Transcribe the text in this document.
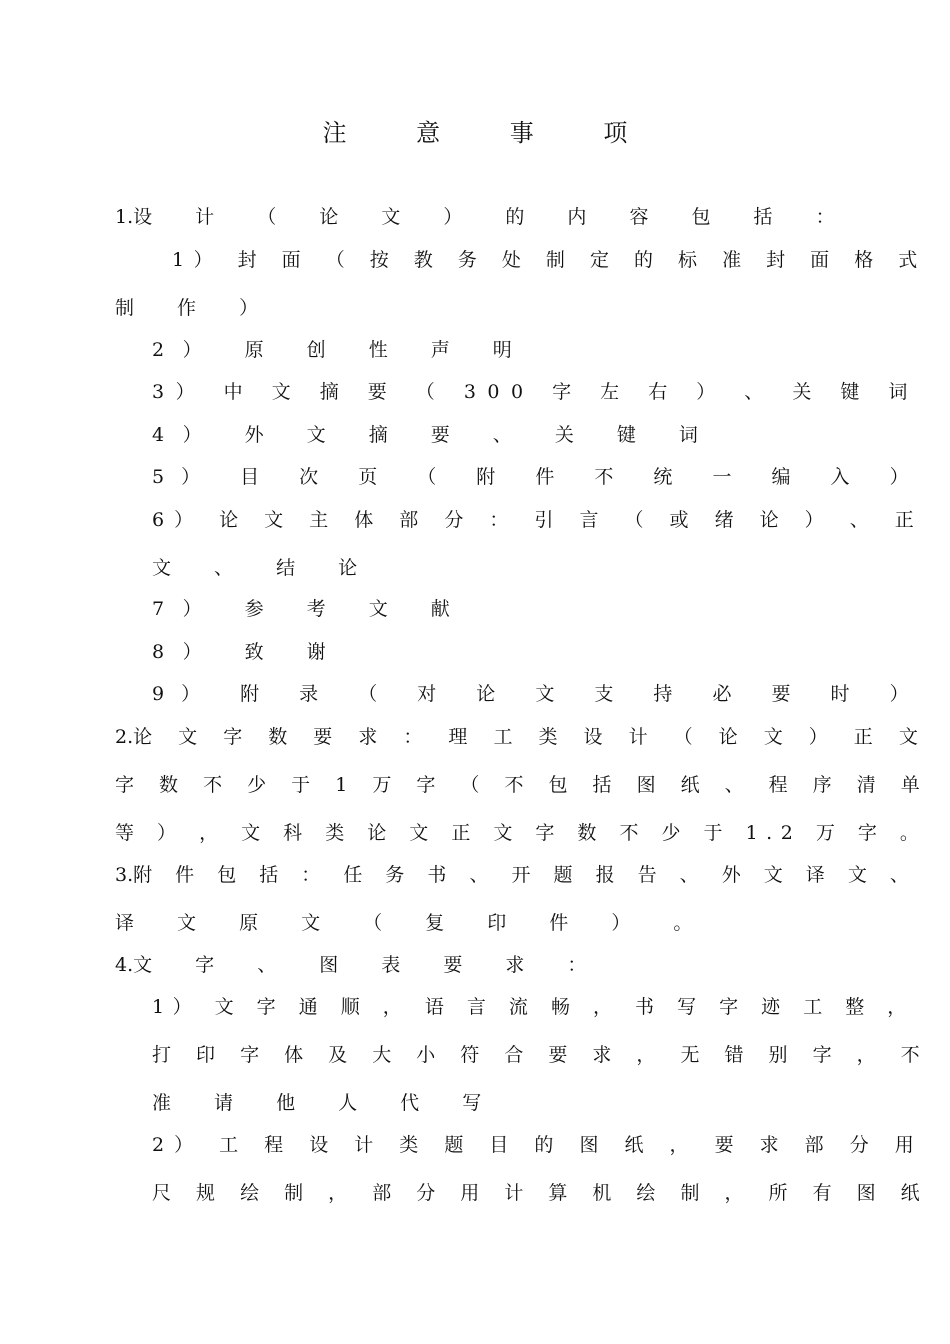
注 意 事 项
1.设 计 （ 论 文 ） 的 内 容 包 括 ：
1） 封 面 （ 按 教 务 处 制 定 的 标 准 封 面 格 式
制 作 ）
2） 原 创 性 声 明
3） 中 文 摘 要 （ 300 字 左 右 ） 、 关 键 词
4） 外 文 摘 要 、 关 键 词
5） 目 次 页 （ 附 件 不 统 一 编 入 ）
6） 论 文 主 体 部 分 ： 引 言 （ 或 绪 论 ） 、 正
文 、 结 论
7） 参 考 文 献
8） 致 谢
9） 附 录 （ 对 论 文 支 持 必 要 时 ）
2.论 文 字 数 要 求 ： 理 工 类 设 计 （ 论 文 ） 正 文
字 数 不 少 于 1 万 字 （ 不 包 括 图 纸 、 程 序 清 单
等 ） ， 文 科 类 论 文 正 文 字 数 不 少 于 1.2 万 字 。
3.附 件 包 括 ： 任 务 书 、 开 题 报 告 、 外 文 译 文 、
译 文 原 文 （ 复 印 件 ） 。
4.文 字 、 图 表 要 求 ：
1） 文 字 通 顺 ， 语 言 流 畅 ， 书 写 字 迹 工 整 ，
打 印 字 体 及 大 小 符 合 要 求 ， 无 错 别 字 ， 不
准 请 他 人 代 写
2） 工 程 设 计 类 题 目 的 图 纸 ， 要 求 部 分 用
尺 规 绘 制 ， 部 分 用 计 算 机 绘 制 ， 所 有 图 纸
